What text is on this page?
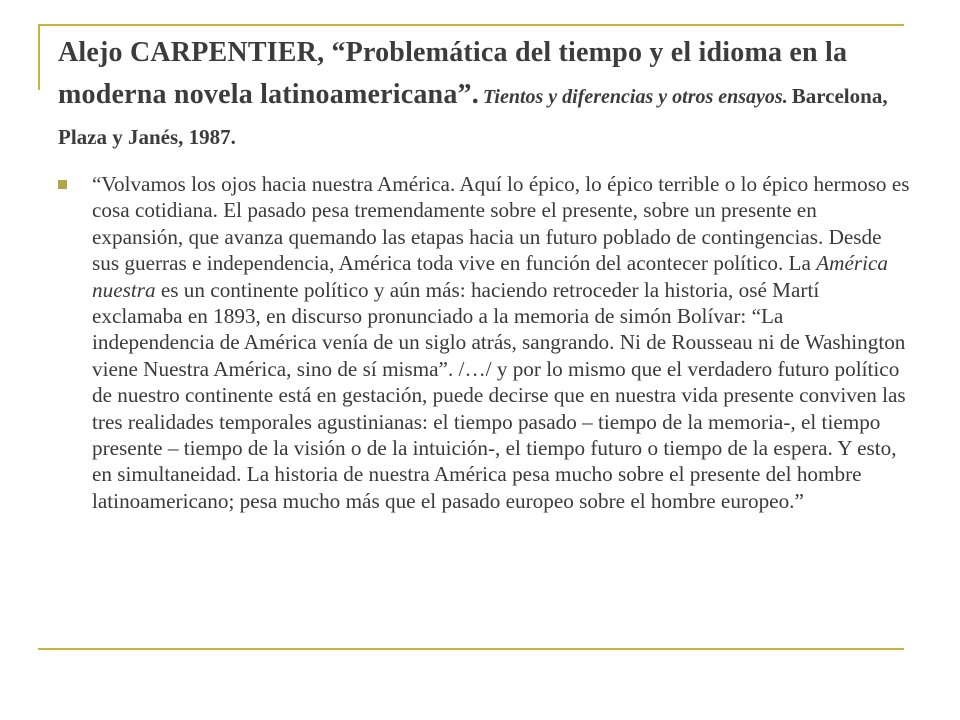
Alejo CARPENTIER, “Problemática del tiempo y el idioma en la moderna novela latinoamericana”. Tientos y diferencias y otros ensayos. Barcelona, Plaza y Janés, 1987.
“Volvamos los ojos hacia nuestra América. Aquí lo épico, lo épico terrible o lo épico hermoso es cosa cotidiana. El pasado pesa tremendamente sobre el presente, sobre un presente en expansión, que avanza quemando las etapas hacia un futuro poblado de contingencias. Desde sus guerras e independencia, América toda vive en función del acontecer político. La América nuestra es un continente político y aún más: haciendo retroceder la historia, osé Martí exclamaba en 1893, en discurso pronunciado a la memoria de simón Bolívar: “La independencia de América venía de un siglo atrás, sangrando. Ni de Rousseau ni de Washington viene Nuestra América, sino de sí misma”. /…/ y por lo mismo que el verdadero futuro político de nuestro continente está en gestación, puede decirse que en nuestra vida presente conviven las tres realidades temporales agustinianas: el tiempo pasado – tiempo de la memoria-, el tiempo presente – tiempo de la visión o de la intuición-, el tiempo futuro o tiempo de la espera. Y esto, en simultaneidad. La historia de nuestra América pesa mucho sobre el presente del hombre latinoamericano; pesa mucho más que el pasado europeo sobre el hombre europeo.”
